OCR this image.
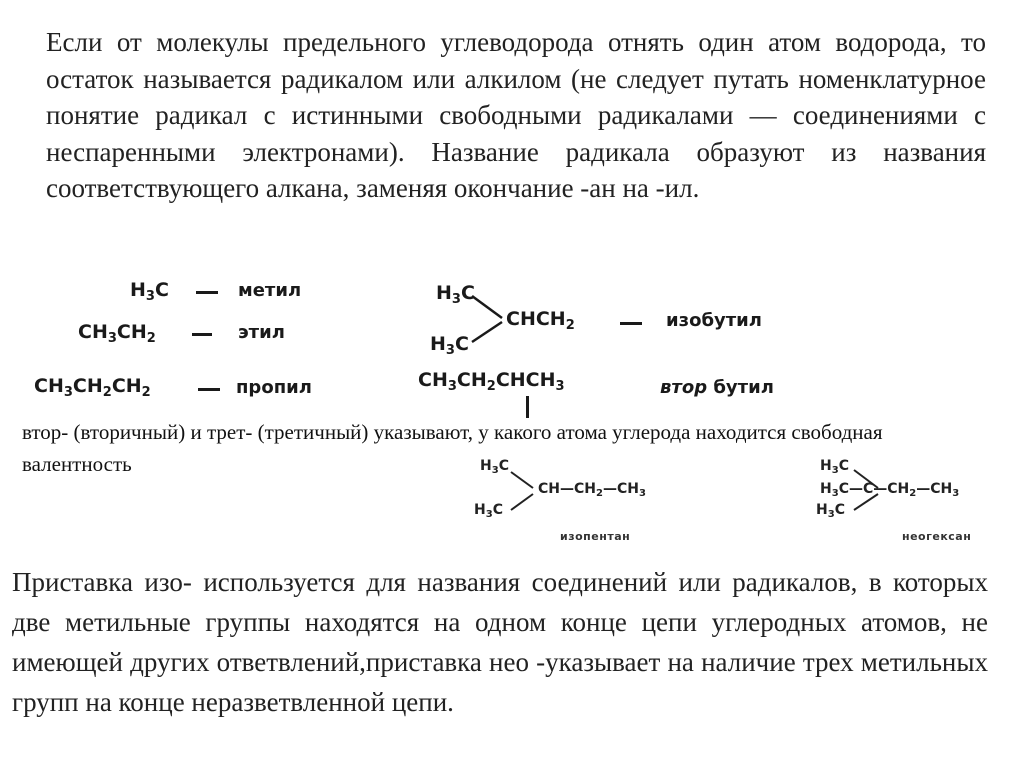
Если от молекулы предельного углеводорода отнять один атом водорода, то остаток называется радикалом или алкилом (не следует путать номенклатурное понятие радикал с истинными свободными радикалами — соединениями с неспаренными электронами). Название радикала образуют из названия соответствующего алкана, заменяя окончание -ан на -ил.
$H_3C$	метил
$CH_3CH_2$	этил
$CH_3CH_2CH_2$	пропил
$H_3C$
$H_3C$
$CHCH_2$	изобутил
$CH_3CH_2CHCH_3$	втор бутил
втор- (вторичный) и трет- (третичный) указывают, у какого атома углерода находится свободная валентность	$H_3C$
$H_3C$
$CH—CH_2—CH_3$
изопентан
$H_3C$
$H_3C—C—CH_2—CH_3$
$H_3C$
неогексан
Приставка изо- используется для названия соединений или радикалов, в которых две метильные группы находятся на одном конце цепи углеродных атомов, не имеющей других ответвлений,приставка нео -указывает на наличие трех метильных групп на конце неразветвленной цепи.
